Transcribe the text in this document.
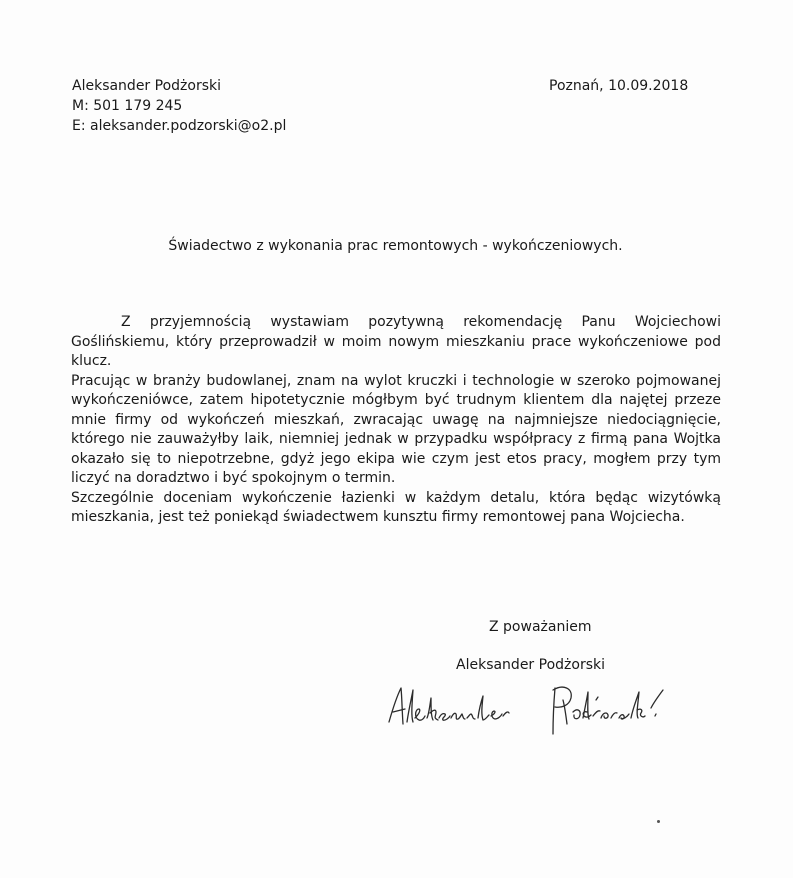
Aleksander Podżorski
M: 501 179 245
E: aleksander.podzorski@o2.pl
Poznań, 10.09.2018
Świadectwo z wykonania prac remontowych - wykończeniowych.

Z przyjemnością wystawiam pozytywną rekomendację Panu Wojciechowi Goślińskiemu, który przeprowadził w moim nowym mieszkaniu prace wykończeniowe pod klucz.

Pracując w branży budowlanej, znam na wylot kruczki i technologie w szeroko pojmowanej wykończeniówce, zatem hipotetycznie mógłbym być trudnym klientem dla najętej przeze mnie firmy od wykończeń mieszkań, zwracając uwagę na najmniejsze niedociągnięcie, którego nie zauważyłby laik, niemniej jednak w przypadku współpracy z firmą pana Wojtka okazało się to niepotrzebne, gdyż jego ekipa wie czym jest etos pracy, mogłem przy tym liczyć na doradztwo i być spokojnym o termin.

Szczególnie doceniam wykończenie łazienki w każdym detalu, która będąc wizytówką mieszkania, jest też poniekąd świadectwem kunsztu firmy remontowej pana Wojciecha.

Z poważaniem
Aleksander Podżorski
